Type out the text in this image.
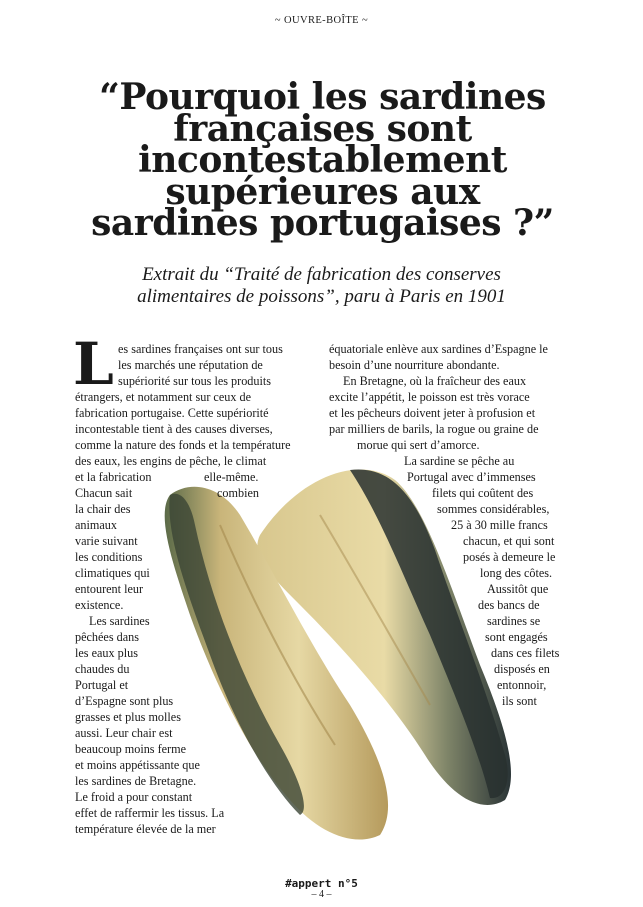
~ OUVRE-BOÎTE ~
“Pourquoi les sardines
françaises sont
incontestablement
supérieures aux
sardines portugaises ?”

Extrait du “Traité de fabrication des conserves
alimentaires de poissons”, paru à Paris en 1901

L es sardines françaises ont sur tous
les marchés une réputation de
supériorité sur tous les produits
étrangers, et notamment sur ceux de
fabrication portugaise. Cette supériorité
incontestable tient à des causes diverses,
comme la nature des fonds et la température
des eaux, les engins de pêche, le climat
et la fabrication	elle-même.
Chacun sait	combien
la chair des
animaux
varie suivant
les conditions
climatiques qui
entourent leur
existence.
Les sardines
pêchées dans
les eaux plus
chaudes du
Portugal et
d’Espagne sont plus
grasses et plus molles
aussi. Leur chair est
beaucoup moins ferme
et moins appétissante que
les sardines de Bretagne.
Le froid a pour constant
effet de raffermir les tissus. La
température élevée de la mer
équatoriale enlève aux sardines d’Espagne le
besoin d’une nourriture abondante.
En Bretagne, où la fraîcheur des eaux
excite l’appétit, le poisson est très vorace
et les pêcheurs doivent jeter à profusion et
par milliers de barils, la rogue ou graine de
morue qui sert d’amorce.
La sardine se pêche au
Portugal avec d’immenses
filets qui coûtent des
sommes considérables,
25 à 30 mille francs
chacun, et qui sont
posés à demeure le
long des côtes.
Aussitôt que
des bancs de
sardines se
sont engagés
dans ces filets
disposés en
entonnoir,
ils sont
#appert n°5
– 4 –
